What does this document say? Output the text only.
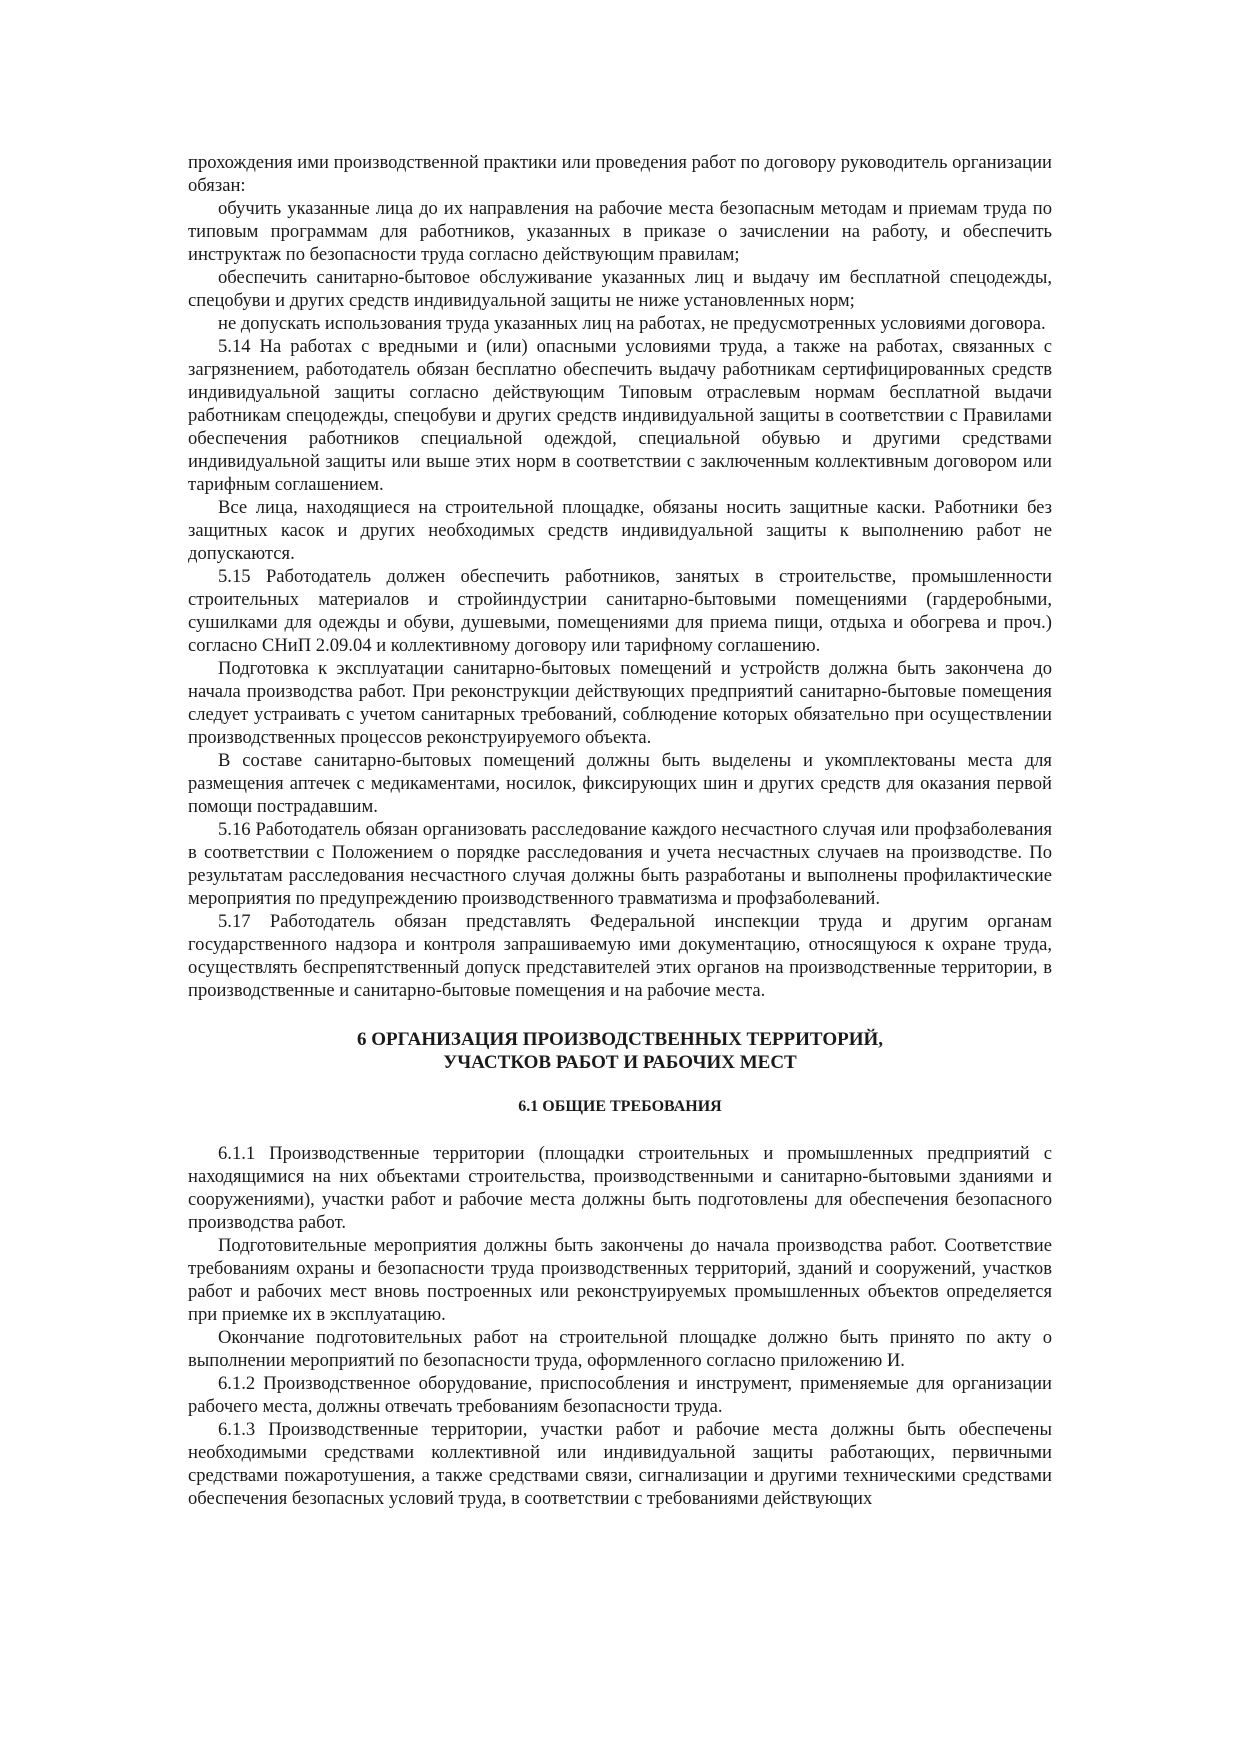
прохождения ими производственной практики или проведения работ по договору руководитель организации обязан:

обучить указанные лица до их направления на рабочие места безопасным методам и приемам труда по типовым программам для работников, указанных в приказе о зачислении на работу, и обеспечить инструктаж по безопасности труда согласно действующим правилам;

обеспечить санитарно-бытовое обслуживание указанных лиц и выдачу им бесплатной спецодежды, спецобуви и других средств индивидуальной защиты не ниже установленных норм;

не допускать использования труда указанных лиц на работах, не предусмотренных условиями договора.

5.14 На работах с вредными и (или) опасными условиями труда, а также на работах, связанных с загрязнением, работодатель обязан бесплатно обеспечить выдачу работникам сертифицированных средств индивидуальной защиты согласно действующим Типовым отраслевым нормам бесплатной выдачи работникам спецодежды, спецобуви и других средств индивидуальной защиты в соответствии с Правилами обеспечения работников специальной одеждой, специальной обувью и другими средствами индивидуальной защиты или выше этих норм в соответствии с заключенным коллективным договором или тарифным соглашением.

Все лица, находящиеся на строительной площадке, обязаны носить защитные каски. Работники без защитных касок и других необходимых средств индивидуальной защиты к выполнению работ не допускаются.

5.15 Работодатель должен обеспечить работников, занятых в строительстве, промышленности строительных материалов и стройиндустрии санитарно-бытовыми помещениями (гардеробными, сушилками для одежды и обуви, душевыми, помещениями для приема пищи, отдыха и обогрева и проч.) согласно СНиП 2.09.04 и коллективному договору или тарифному соглашению.

Подготовка к эксплуатации санитарно-бытовых помещений и устройств должна быть закончена до начала производства работ. При реконструкции действующих предприятий санитарно-бытовые помещения следует устраивать с учетом санитарных требований, соблюдение которых обязательно при осуществлении производственных процессов реконструируемого объекта.

В составе санитарно-бытовых помещений должны быть выделены и укомплектованы места для размещения аптечек с медикаментами, носилок, фиксирующих шин и других средств для оказания первой помощи пострадавшим.

5.16 Работодатель обязан организовать расследование каждого несчастного случая или профзаболевания в соответствии с Положением о порядке расследования и учета несчастных случаев на производстве. По результатам расследования несчастного случая должны быть разработаны и выполнены профилактические мероприятия по предупреждению производственного травматизма и профзаболеваний.

5.17 Работодатель обязан представлять Федеральной инспекции труда и другим органам государственного надзора и контроля запрашиваемую ими документацию, относящуюся к охране труда, осуществлять беспрепятственный допуск представителей этих органов на производственные территории, в производственные и санитарно-бытовые помещения и на рабочие места.

6 ОРГАНИЗАЦИЯ ПРОИЗВОДСТВЕННЫХ ТЕРРИТОРИЙ,
УЧАСТКОВ РАБОТ И РАБОЧИХ МЕСТ
6.1 ОБЩИЕ ТРЕБОВАНИЯ

6.1.1 Производственные территории (площадки строительных и промышленных предприятий с находящимися на них объектами строительства, производственными и санитарно-бытовыми зданиями и сооружениями), участки работ и рабочие места должны быть подготовлены для обеспечения безопасного производства работ.

Подготовительные мероприятия должны быть закончены до начала производства работ. Соответствие требованиям охраны и безопасности труда производственных территорий, зданий и сооружений, участков работ и рабочих мест вновь построенных или реконструируемых промышленных объектов определяется при приемке их в эксплуатацию.

Окончание подготовительных работ на строительной площадке должно быть принято по акту о выполнении мероприятий по безопасности труда, оформленного согласно приложению И.

6.1.2 Производственное оборудование, приспособления и инструмент, применяемые для организации рабочего места, должны отвечать требованиям безопасности труда.

6.1.3 Производственные территории, участки работ и рабочие места должны быть обеспечены необходимыми средствами коллективной или индивидуальной защиты работающих, первичными средствами пожаротушения, а также средствами связи, сигнализации и другими техническими средствами обеспечения безопасных условий труда, в соответствии с требованиями действующих
